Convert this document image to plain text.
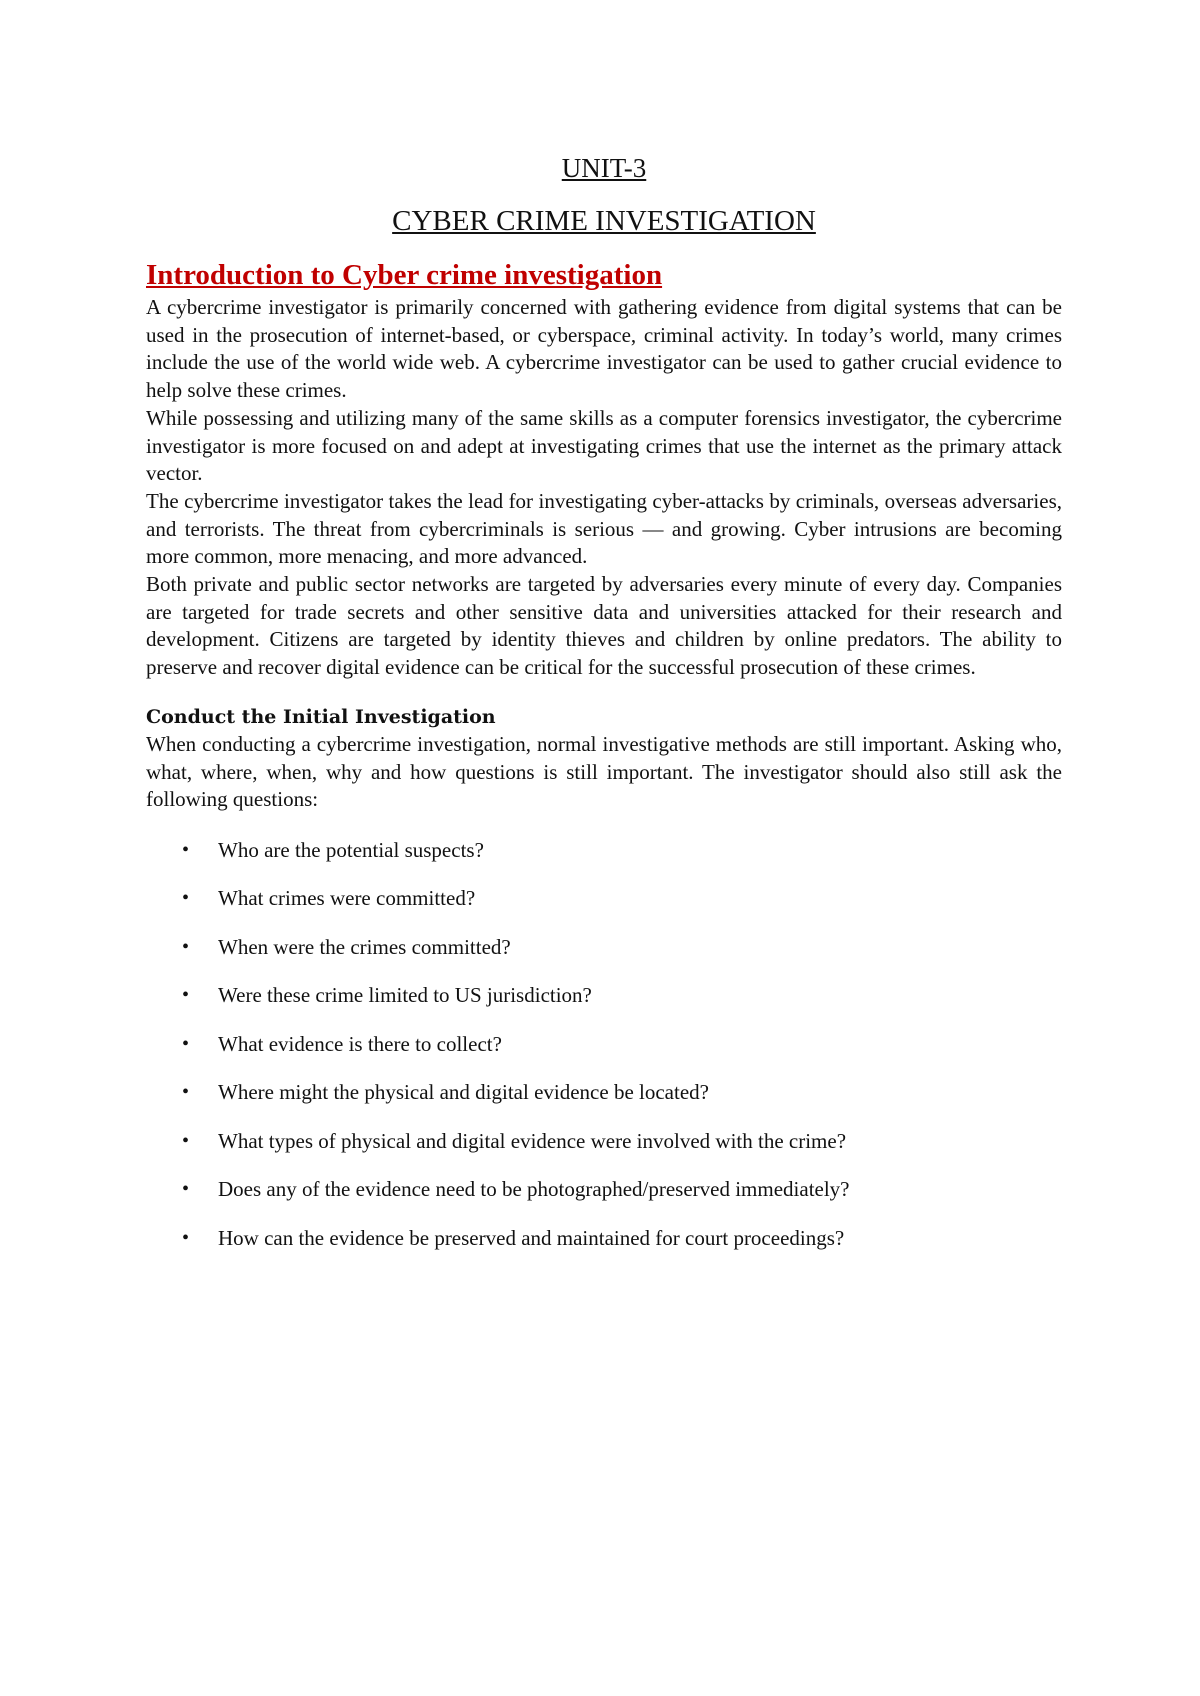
UNIT-3
CYBER CRIME INVESTIGATION
Introduction to Cyber crime investigation

A cybercrime investigator is primarily concerned with gathering evidence from digital systems that can be used in the prosecution of internet-based, or cyberspace, criminal activity. In today’s world, many crimes include the use of the world wide web. A cybercrime investigator can be used to gather crucial evidence to help solve these crimes.

While possessing and utilizing many of the same skills as a computer forensics investigator, the cybercrime investigator is more focused on and adept at investigating crimes that use the internet as the primary attack vector.

The cybercrime investigator takes the lead for investigating cyber-attacks by criminals, overseas adversaries, and terrorists. The threat from cybercriminals is serious — and growing. Cyber intrusions are becoming more common, more menacing, and more advanced.

Both private and public sector networks are targeted by adversaries every minute of every day. Companies are targeted for trade secrets and other sensitive data and universities attacked for their research and development. Citizens are targeted by identity thieves and children by online predators. The ability to preserve and recover digital evidence can be critical for the successful prosecution of these crimes.

Conduct the Initial Investigation

When conducting a cybercrime investigation, normal investigative methods are still important. Asking who, what, where, when, why and how questions is still important. The investigator should also still ask the following questions:

• Who are the potential suspects?
• What crimes were committed?
• When were the crimes committed?
• Were these crime limited to US jurisdiction?
• What evidence is there to collect?
• Where might the physical and digital evidence be located?
• What types of physical and digital evidence were involved with the crime?
• Does any of the evidence need to be photographed/preserved immediately?
• How can the evidence be preserved and maintained for court proceedings?
